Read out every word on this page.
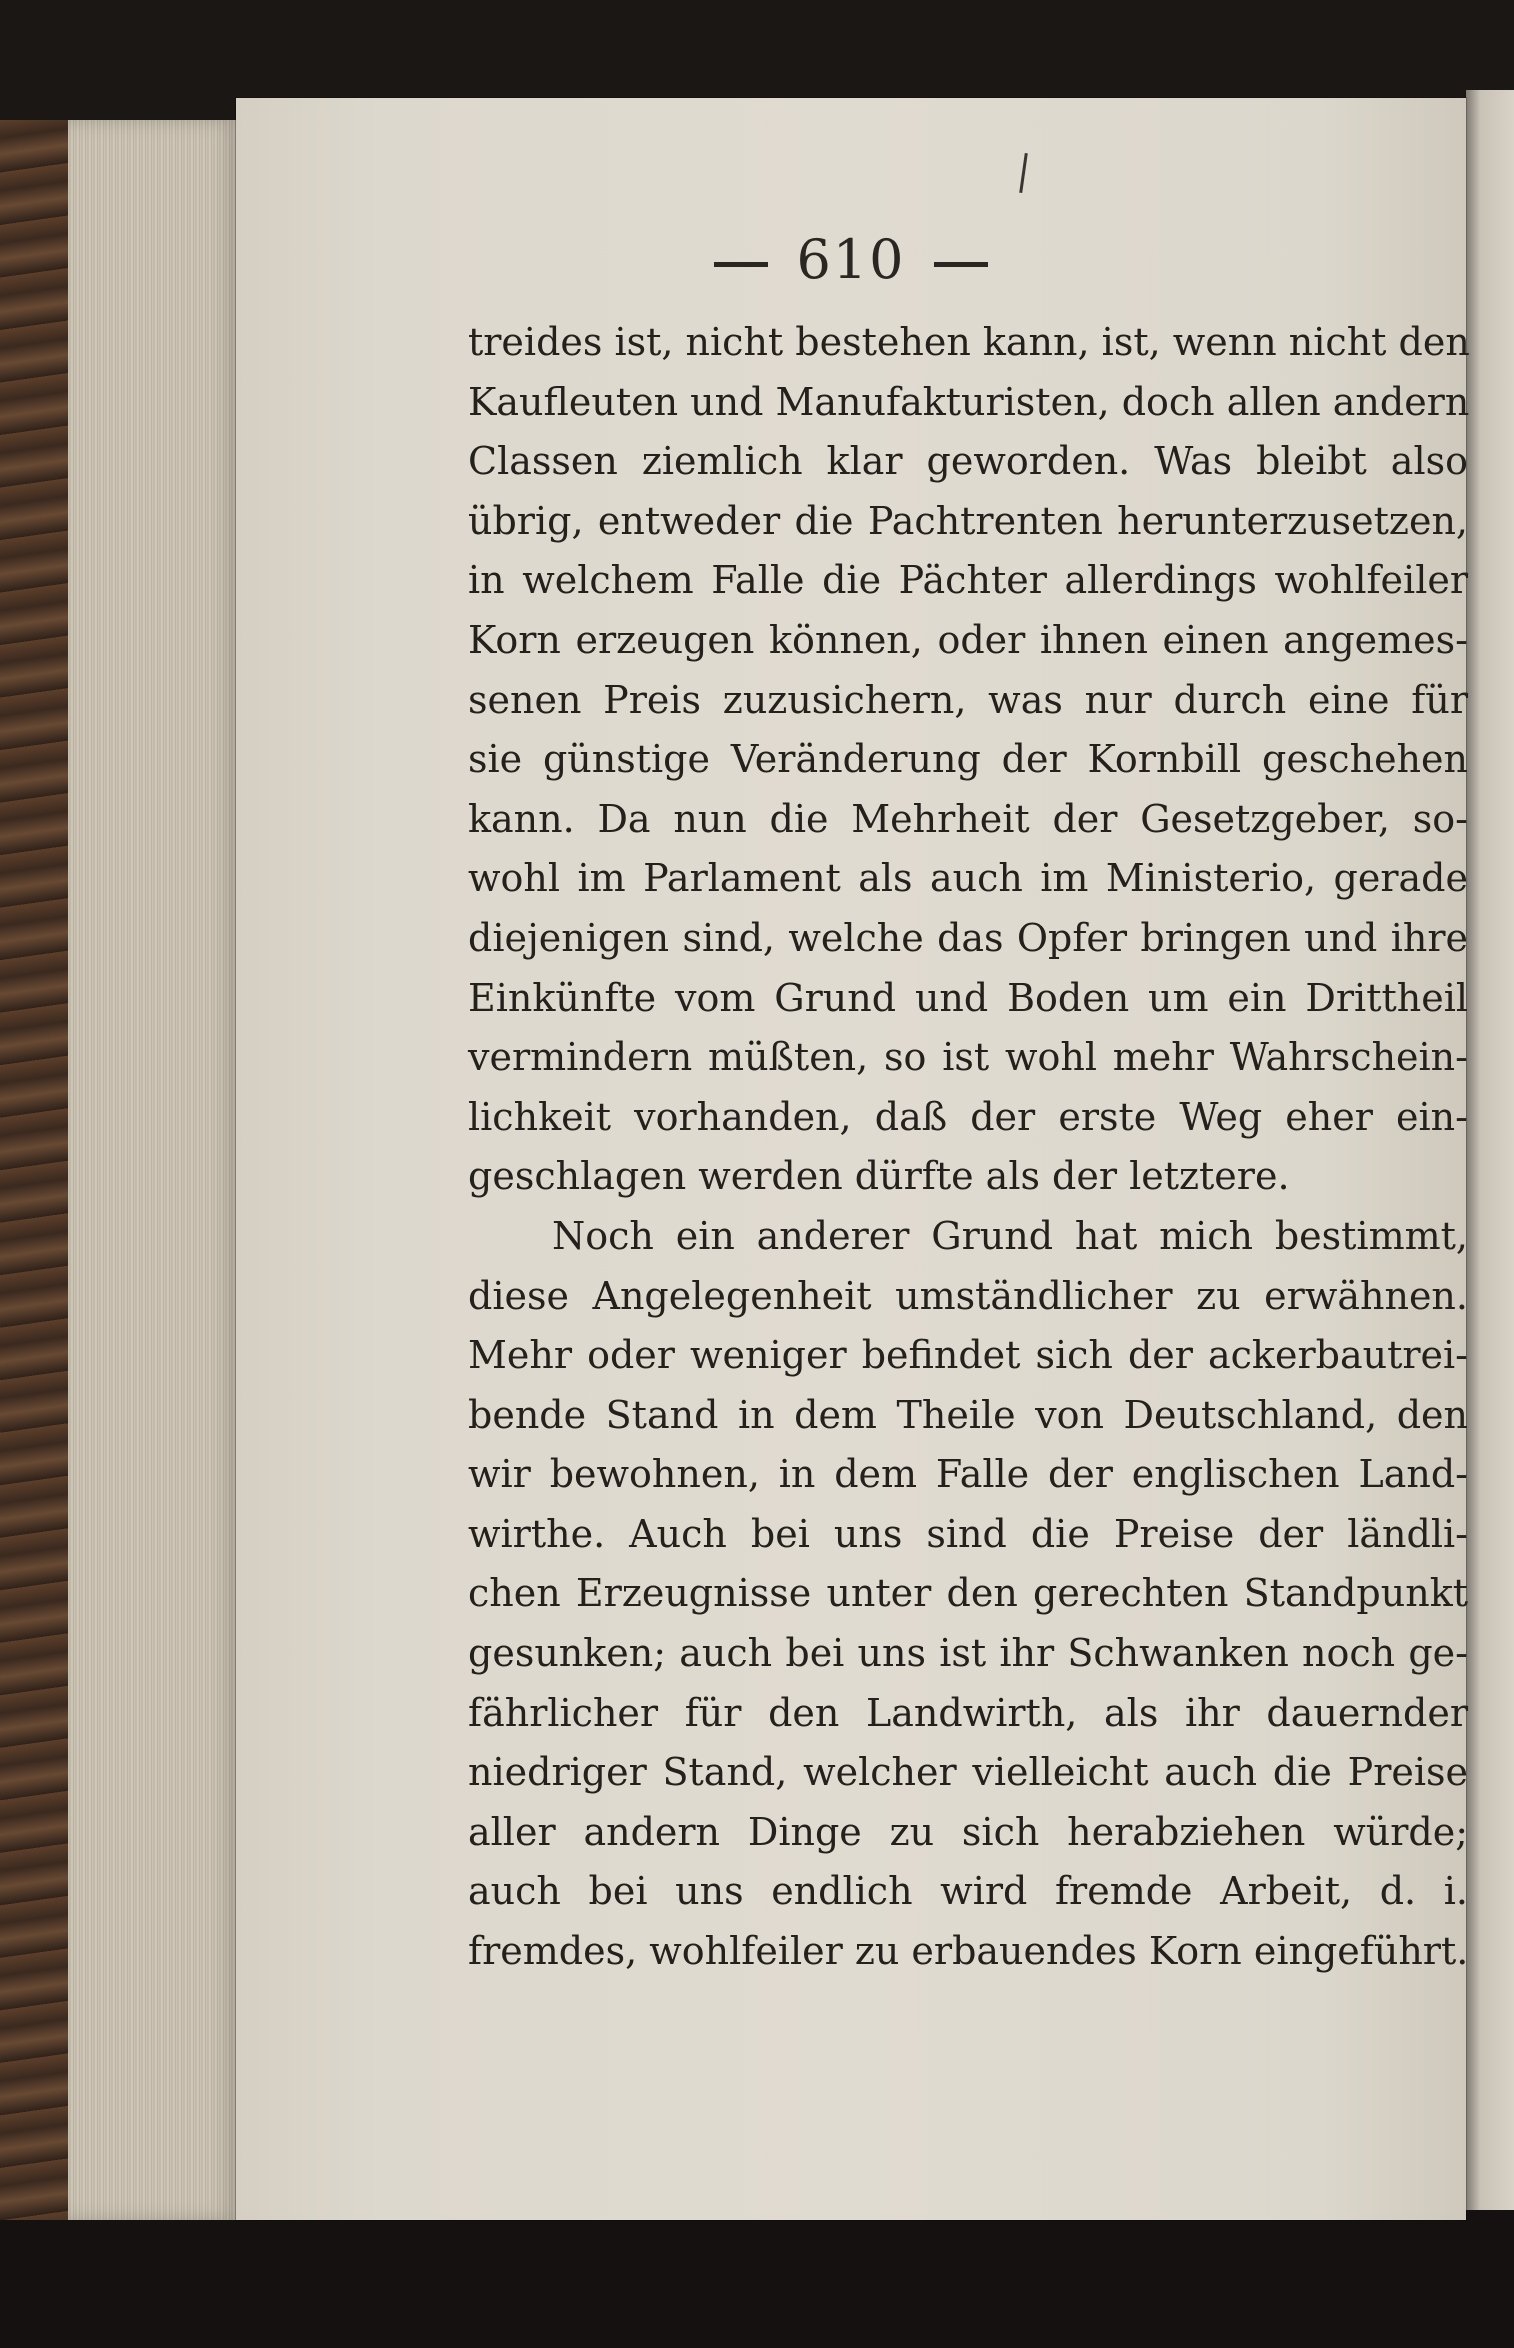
610
treides ist, nicht bestehen kann, ist, wenn nicht den
Kaufleuten und Manufakturisten, doch allen andern
Classen ziemlich klar geworden. Was bleibt also
übrig, entweder die Pachtrenten herunterzusetzen,
in welchem Falle die Pächter allerdings wohlfeiler
Korn erzeugen können, oder ihnen einen angemes-
senen Preis zuzusichern, was nur durch eine für
sie günstige Veränderung der Kornbill geschehen
kann. Da nun die Mehrheit der Gesetzgeber, so-
wohl im Parlament als auch im Ministerio, gerade
diejenigen sind, welche das Opfer bringen und ihre
Einkünfte vom Grund und Boden um ein Drittheil
vermindern müßten, so ist wohl mehr Wahrschein-
lichkeit vorhanden, daß der erste Weg eher ein-
geschlagen werden dürfte als der letztere.
Noch ein anderer Grund hat mich bestimmt,
diese Angelegenheit umständlicher zu erwähnen.
Mehr oder weniger befindet sich der ackerbautrei-
bende Stand in dem Theile von Deutschland, den
wir bewohnen, in dem Falle der englischen Land-
wirthe. Auch bei uns sind die Preise der ländli-
chen Erzeugnisse unter den gerechten Standpunkt
gesunken; auch bei uns ist ihr Schwanken noch ge-
fährlicher für den Landwirth, als ihr dauernder
niedriger Stand, welcher vielleicht auch die Preise
aller andern Dinge zu sich herabziehen würde;
auch bei uns endlich wird fremde Arbeit, d. i.
fremdes, wohlfeiler zu erbauendes Korn eingeführt.
